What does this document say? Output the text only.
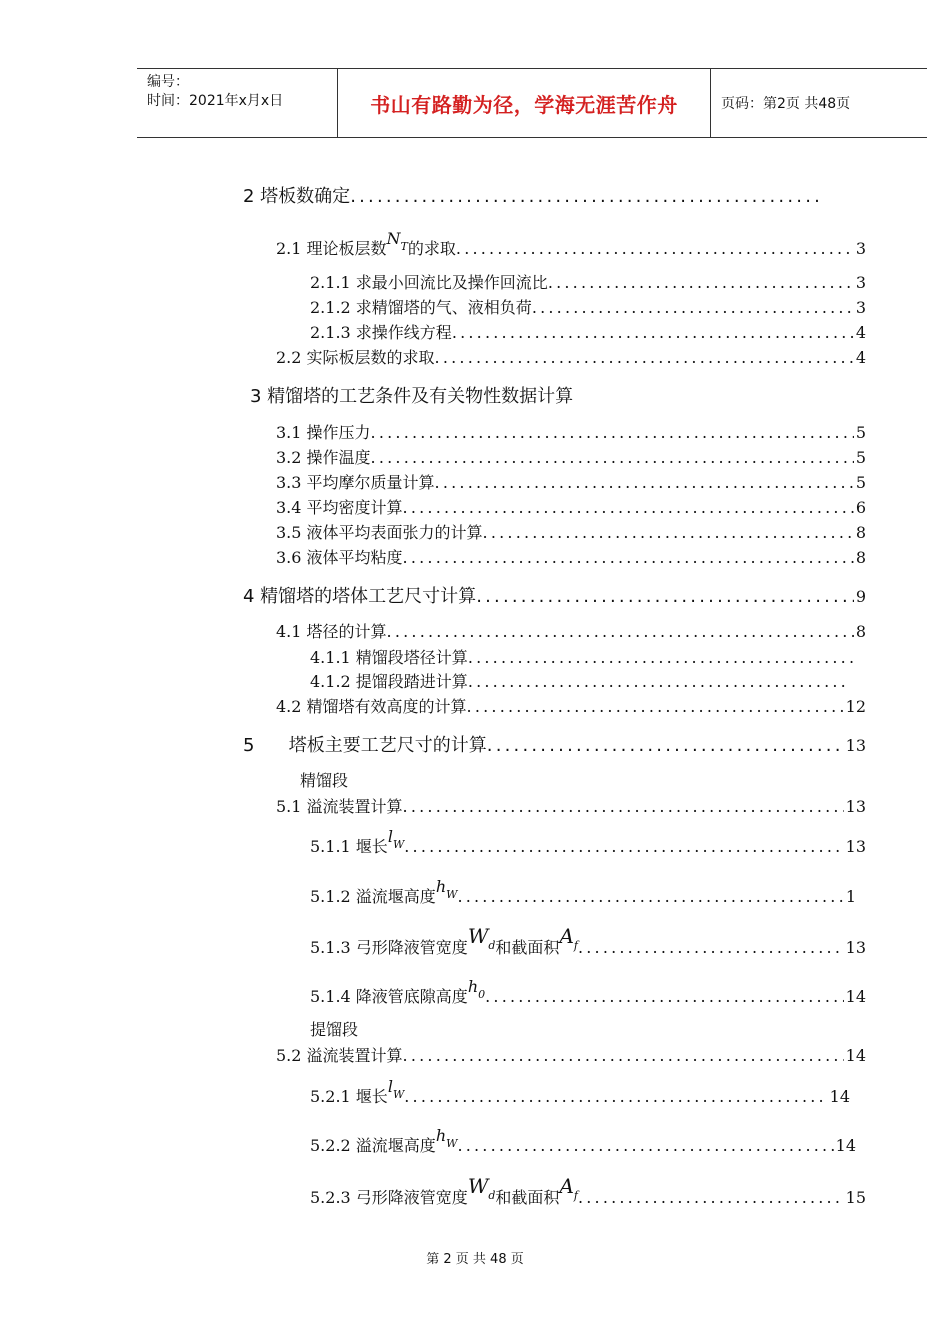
编号：
时间：2021年x月x日	书山有路勤为径，学海无涯苦作舟	页码：第2页 共48页
2 塔板数确定
.....
2.1 理论板层数$N_T$的求取 .....	3
2.1.1 求最小回流比及操作回流比 .....	3
2.1.2 求精馏塔的气、液相负荷 .....	3
2.1.3 求操作线方程 .....	4
2.2 实际板层数的求取 .....	4
3 精馏塔的工艺条件及有关物性数据计算
3.1 操作压力 .....	5
3.2 操作温度 .....	5
3.3 平均摩尔质量计算 .....	5
3.4 平均密度计算 .....	6
3.5 液体平均表面张力的计算 .....	8
3.6 液体平均粘度 .....	8
4 精馏塔的塔体工艺尺寸计算 .....	9
4.1 塔径的计算 .....	8
4.1.1 精馏段塔径计算
.....
4.1.2 提馏段踏进计算
.....
4.2 精馏塔有效高度的计算 .....	12
5      塔板主要工艺尺寸的计算 .....	13
精馏段
5.1 溢流装置计算 .....	13
5.1.1 堰长$l_W$ .....	13
5.1.2 溢流堰高度$h_W$ .....	1
5.1.3 弓形降液管宽度$W_d$和截面积$A_f$ .....	13
5.1.4 降液管底隙高度$h_0$ .....	14
提馏段
5.2 溢流装置计算 .....	14
5.2.1 堰长$l_W$ .....	14
5.2.2 溢流堰高度$h_W$ .....	14
5.2.3 弓形降液管宽度$W_d$和截面积$A_f$ .....	15
第 2 页 共 48 页
